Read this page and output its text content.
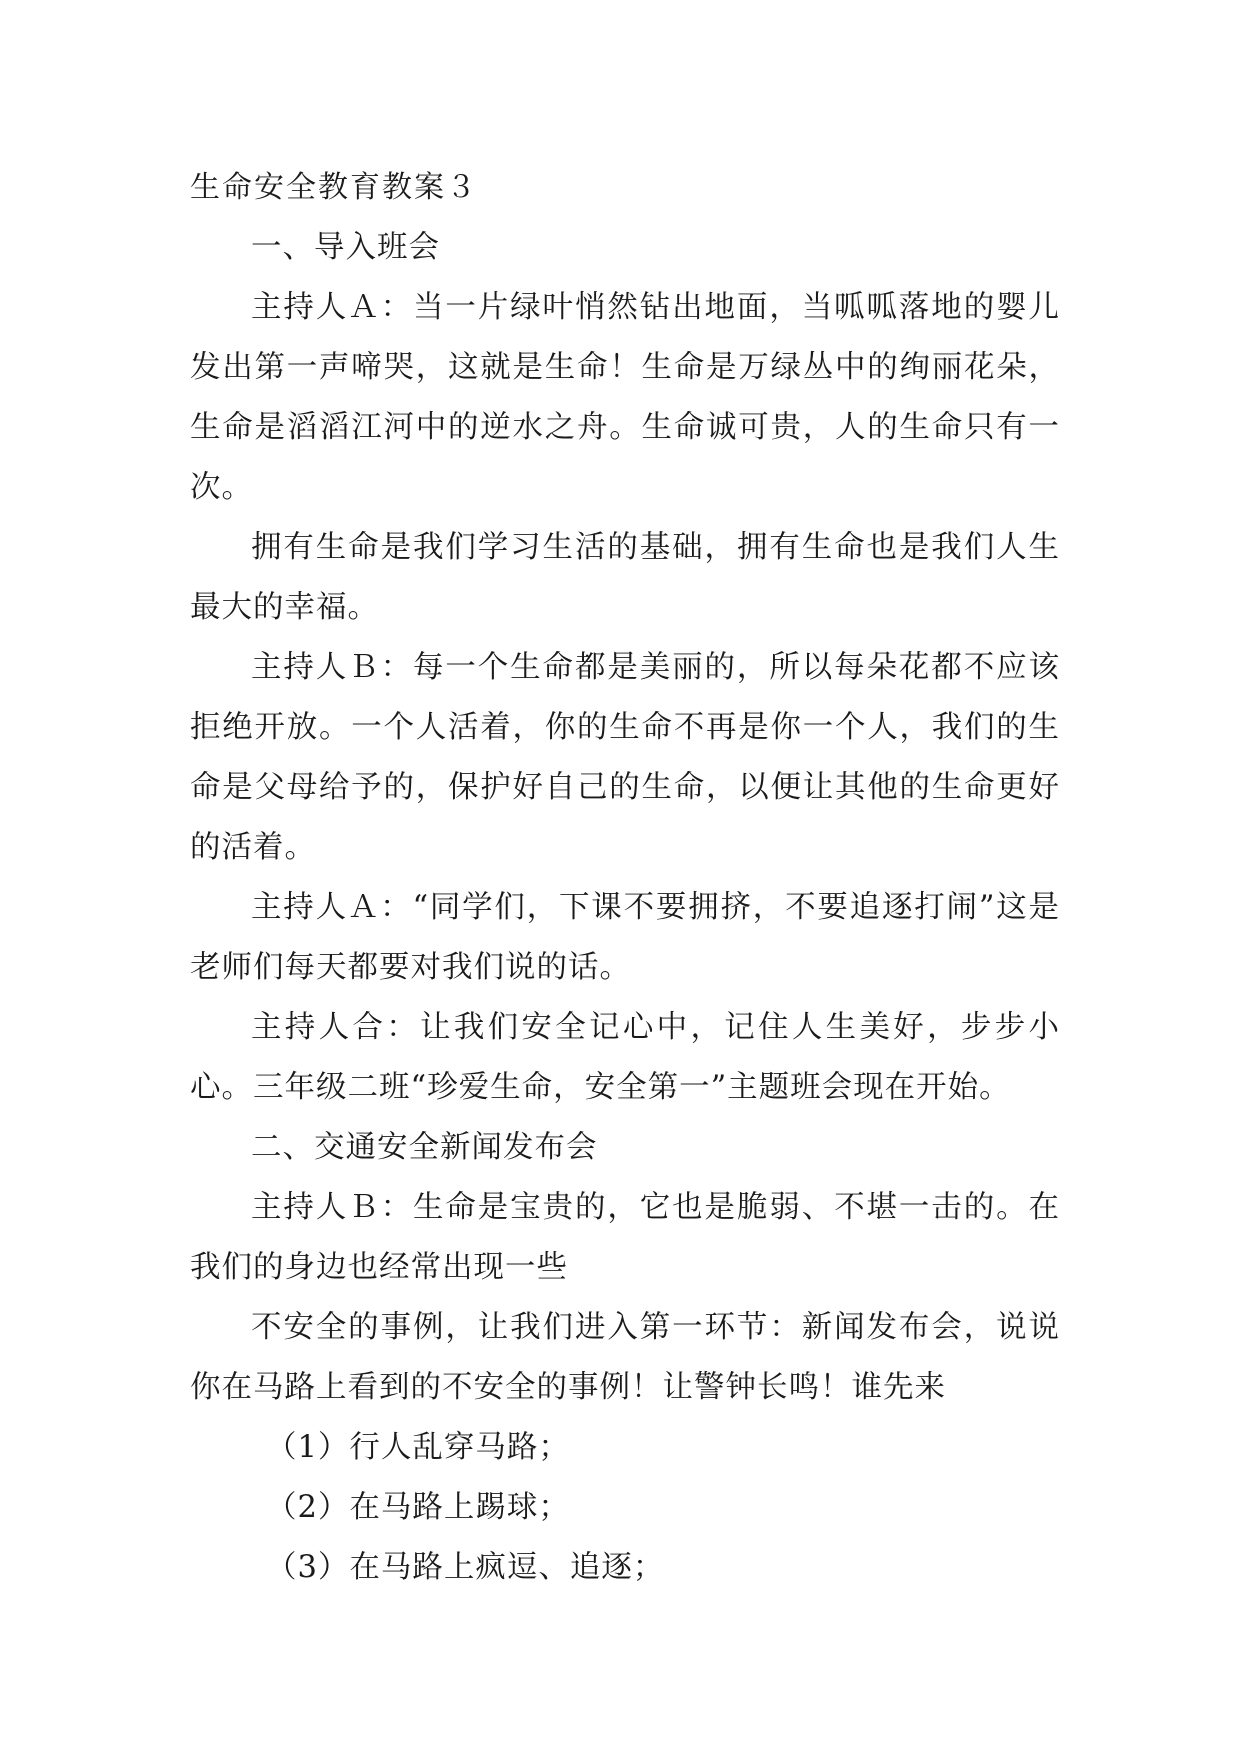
生命安全教育教案３

一、导入班会

主持人Ａ：当一片绿叶悄然钻出地面，当呱呱落地的婴儿发出第一声啼哭，这就是生命！生命是万绿丛中的绚丽花朵，生命是滔滔江河中的逆水之舟。生命诚可贵，人的生命只有一次。

拥有生命是我们学习生活的基础，拥有生命也是我们人生最大的幸福。

主持人Ｂ：每一个生命都是美丽的，所以每朵花都不应该拒绝开放。一个人活着，你的生命不再是你一个人，我们的生命是父母给予的，保护好自己的生命，以便让其他的生命更好的活着。

主持人Ａ：“同学们，下课不要拥挤，不要追逐打闹”这是老师们每天都要对我们说的话。

主持人合：让我们安全记心中，记住人生美好，步步小心。三年级二班“珍爱生命，安全第一”主题班会现在开始。

二、交通安全新闻发布会

主持人Ｂ：生命是宝贵的，它也是脆弱、不堪一击的。在我们的身边也经常出现一些

不安全的事例，让我们进入第一环节：新闻发布会，说说你在马路上看到的不安全的事例！让警钟长鸣！谁先来

（1）行人乱穿马路；
（2）在马路上踢球；
（3）在马路上疯逗、追逐；
